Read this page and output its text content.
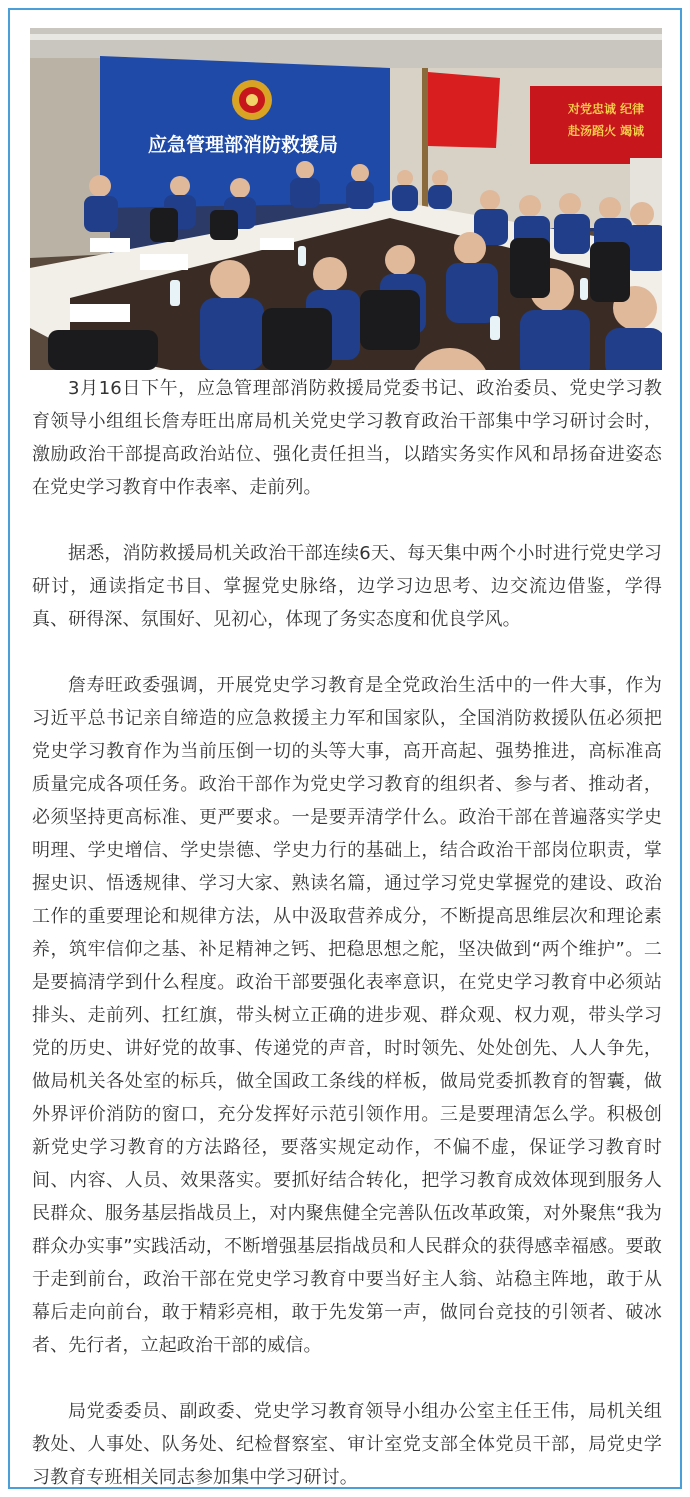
应急管理部消防救援局
对党忠诚 纪律
赴汤蹈火 竭诚

3月16日下午，应急管理部消防救援局党委书记、政治委员、党史学习教育领导小组组长詹寿旺出席局机关党史学习教育政治干部集中学习研讨会时，激励政治干部提高政治站位、强化责任担当，以踏实务实作风和昂扬奋进姿态在党史学习教育中作表率、走前列。

据悉，消防救援局机关政治干部连续6天、每天集中两个小时进行党史学习研讨，通读指定书目、掌握党史脉络，边学习边思考、边交流边借鉴，学得真、研得深、氛围好、见初心，体现了务实态度和优良学风。

詹寿旺政委强调，开展党史学习教育是全党政治生活中的一件大事，作为习近平总书记亲自缔造的应急救援主力军和国家队，全国消防救援队伍必须把党史学习教育作为当前压倒一切的头等大事，高开高起、强势推进，高标准高质量完成各项任务。政治干部作为党史学习教育的组织者、参与者、推动者，必须坚持更高标准、更严要求。一是要弄清学什么。政治干部在普遍落实学史明理、学史增信、学史崇德、学史力行的基础上，结合政治干部岗位职责，掌握史识、悟透规律、学习大家、熟读名篇，通过学习党史掌握党的建设、政治工作的重要理论和规律方法，从中汲取营养成分，不断提高思维层次和理论素养，筑牢信仰之基、补足精神之钙、把稳思想之舵，坚决做到“两个维护”。二是要搞清学到什么程度。政治干部要强化表率意识，在党史学习教育中必须站排头、走前列、扛红旗，带头树立正确的进步观、群众观、权力观，带头学习党的历史、讲好党的故事、传递党的声音，时时领先、处处创先、人人争先，做局机关各处室的标兵，做全国政工条线的样板，做局党委抓教育的智囊，做外界评价消防的窗口，充分发挥好示范引领作用。三是要理清怎么学。积极创新党史学习教育的方法路径，要落实规定动作，不偏不虚，保证学习教育时间、内容、人员、效果落实。要抓好结合转化，把学习教育成效体现到服务人民群众、服务基层指战员上，对内聚焦健全完善队伍改革政策，对外聚焦“我为群众办实事”实践活动，不断增强基层指战员和人民群众的获得感幸福感。要敢于走到前台，政治干部在党史学习教育中要当好主人翁、站稳主阵地，敢于从幕后走向前台，敢于精彩亮相，敢于先发第一声，做同台竞技的引领者、破冰者、先行者，立起政治干部的威信。

局党委委员、副政委、党史学习教育领导小组办公室主任王伟，局机关组教处、人事处、队务处、纪检督察室、审计室党支部全体党员干部，局党史学习教育专班相关同志参加集中学习研讨。
